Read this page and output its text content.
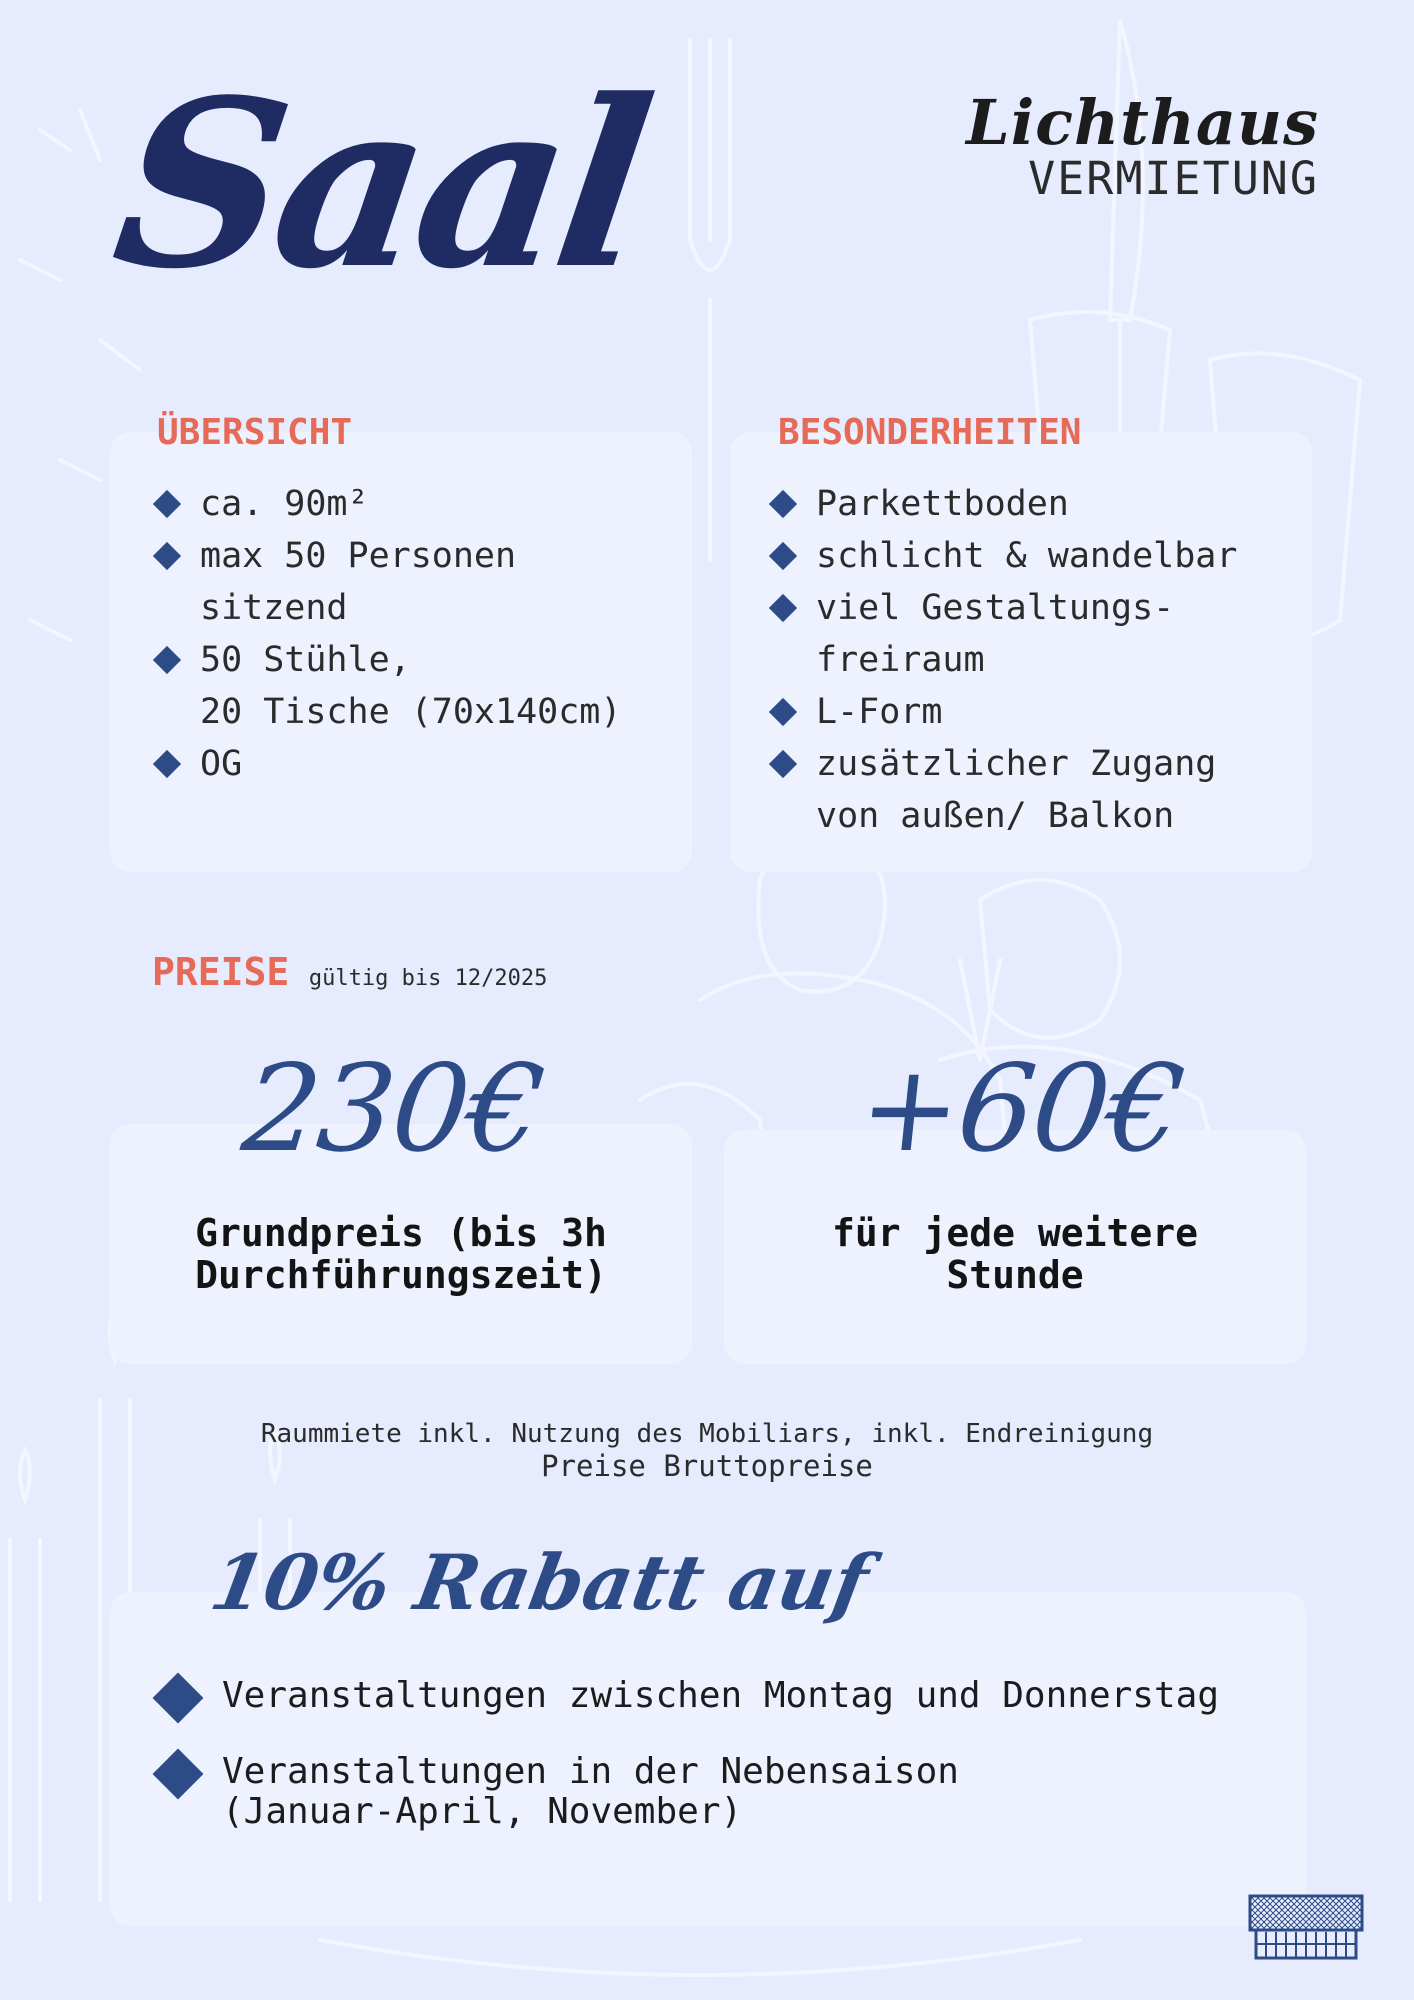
Saal	Lichthaus
VERMIETUNG
ÜBERSICHT
ca. 90m²
max 50 Personen
sitzend
50 Stühle,
20 Tische (70x140cm)
OG
BESONDERHEITEN
Parkettboden
schlicht & wandelbar
viel Gestaltungs-
freiraum
L-Form
zusätzlicher Zugang
von außen/ Balkon
PREISE gültig bis 12/2025
230€	+60€
Grundpreis (bis 3h
Durchführungszeit)
für jede weitere
Stunde
Raummiete inkl. Nutzung des Mobiliars, inkl. Endreinigung
Preise Bruttopreise
10% Rabatt auf
Veranstaltungen zwischen Montag und Donnerstag
Veranstaltungen in der Nebensaison
(Januar-April, November)
